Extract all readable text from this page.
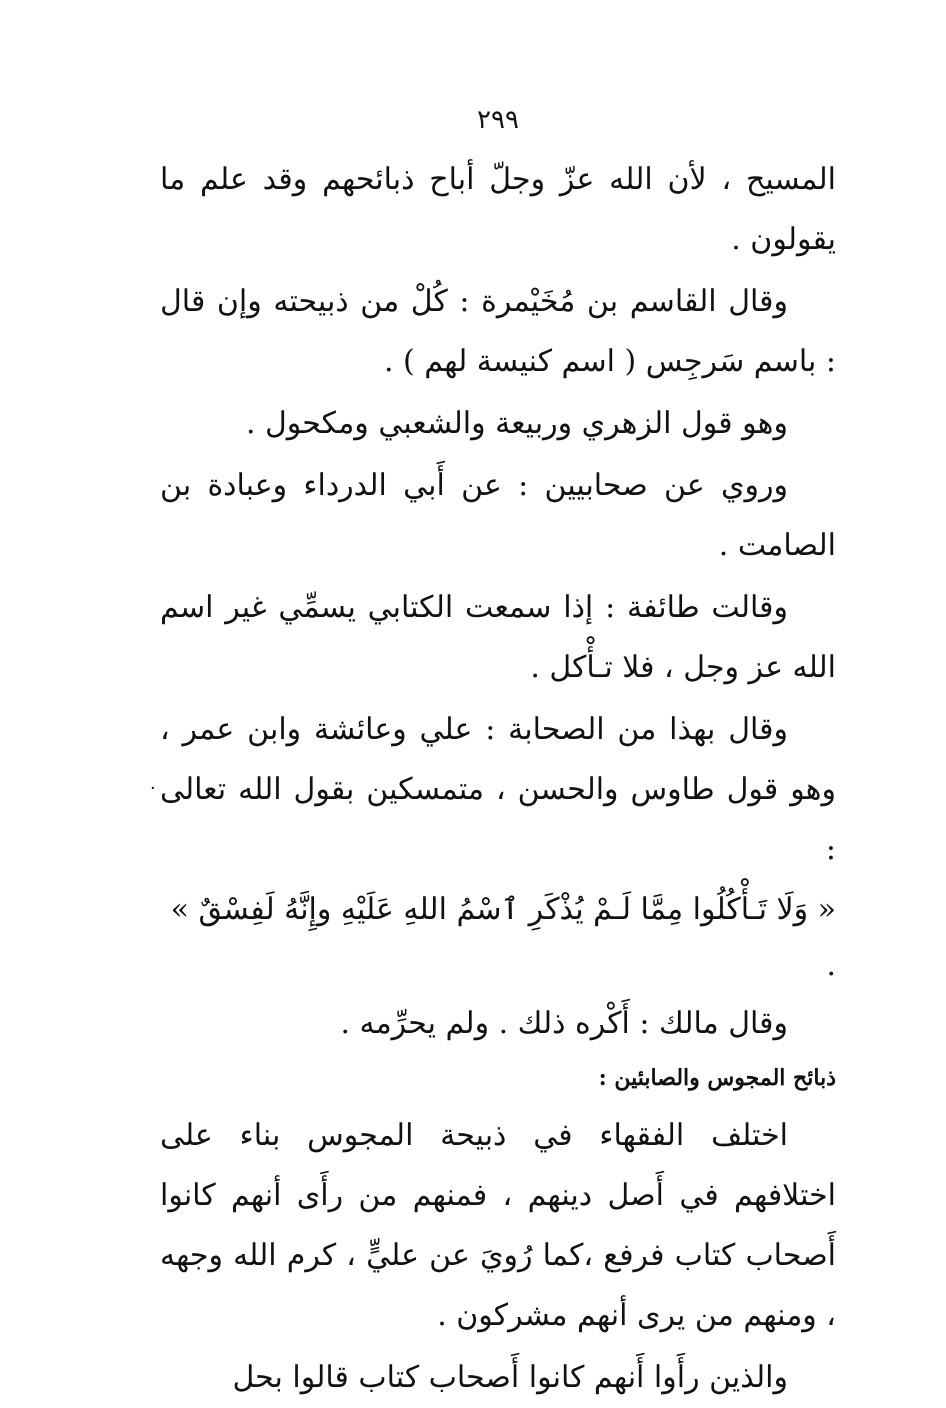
٢٩٩

المسيح ، لأن الله عزّ وجلّ أباح ذبائحهم وقد علم ما يقولون .

وقال القاسم بن مُخَيْمرة : كُلْ من ذبيحته وإن قال : باسم سَرجِس ( اسم كنيسة لهم ) .

وهو قول الزهري وربيعة والشعبي ومكحول .

وروي عن صحابيين : عن أَبي الدرداء وعبادة بن الصامت .

وقالت طائفة : إذا سمعت الكتابي يسمِّي غير اسم الله عز وجل ، فلا تـأْكل .

وقال بهذا من الصحابة : علي وعائشة وابن عمر ، وهو قول طاوس والحسن ، متمسكين بقول الله تعالى :

« وَلَا تَـأْكُلُوا مِمَّا لَـمْ يُذْكَرِ ٱسْمُ اللهِ عَلَيْهِ وإِنَّهُ لَفِسْقٌ » .

وقال مالك : أَكْره ذلك . ولم يحرِّمه .

ذبائح المجوس والصابئين :

اختلف الفقهاء في ذبيحة المجوس بناء على اختلافهم في أَصل دينهم ، فمنهم من رأَى أنهم كانوا أَصحاب كتاب فرفع ،كما رُويَ عن عليٍّ ، كرم الله وجهه ، ومنهم من يرى أنهم مشركون .

والذين رأَوا أَنهم كانوا أَصحاب كتاب قالوا بحل

·
